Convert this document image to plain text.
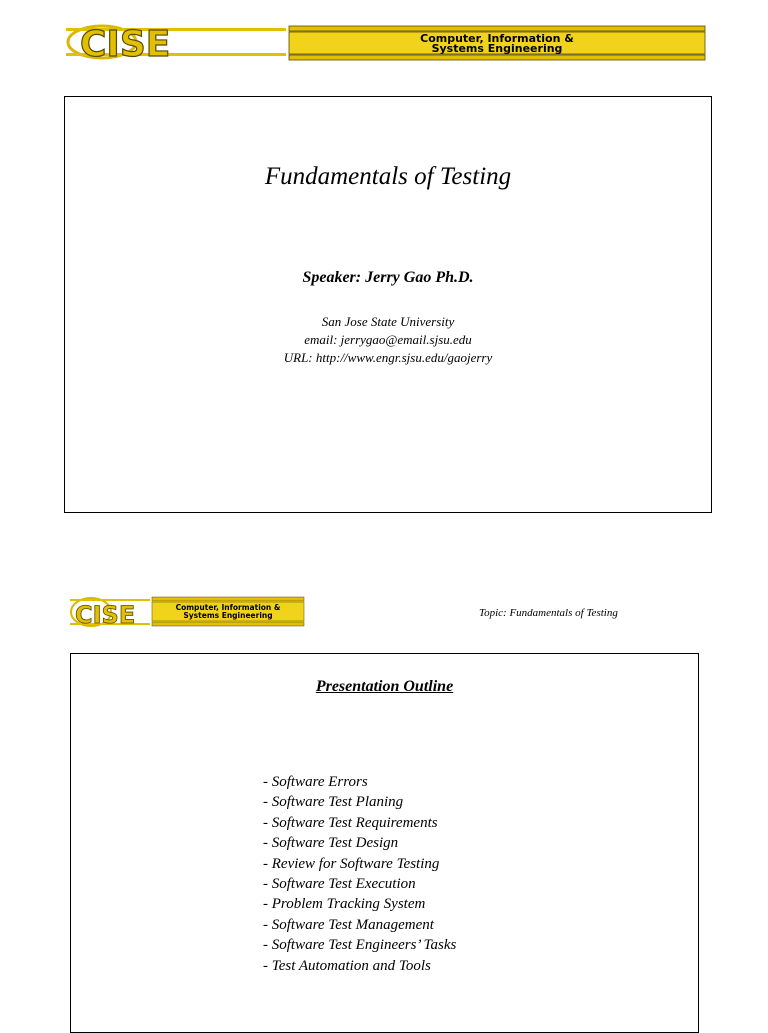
CISE	Computer, Information &
Systems Engineering
Fundamentals of Testing
Speaker: Jerry Gao Ph.D.
San Jose State University
email: jerrygao@email.sjsu.edu
URL: http://www.engr.sjsu.edu/gaojerry
CISE	Computer, Information &
Systems Engineering	Topic: Fundamentals of Testing
Presentation Outline
- Software Errors
- Software Test Planing
- Software Test Requirements
- Software Test Design
- Review for Software Testing
- Software Test Execution
- Problem Tracking System
- Software Test Management
- Software Test Engineers’ Tasks
- Test Automation and Tools
